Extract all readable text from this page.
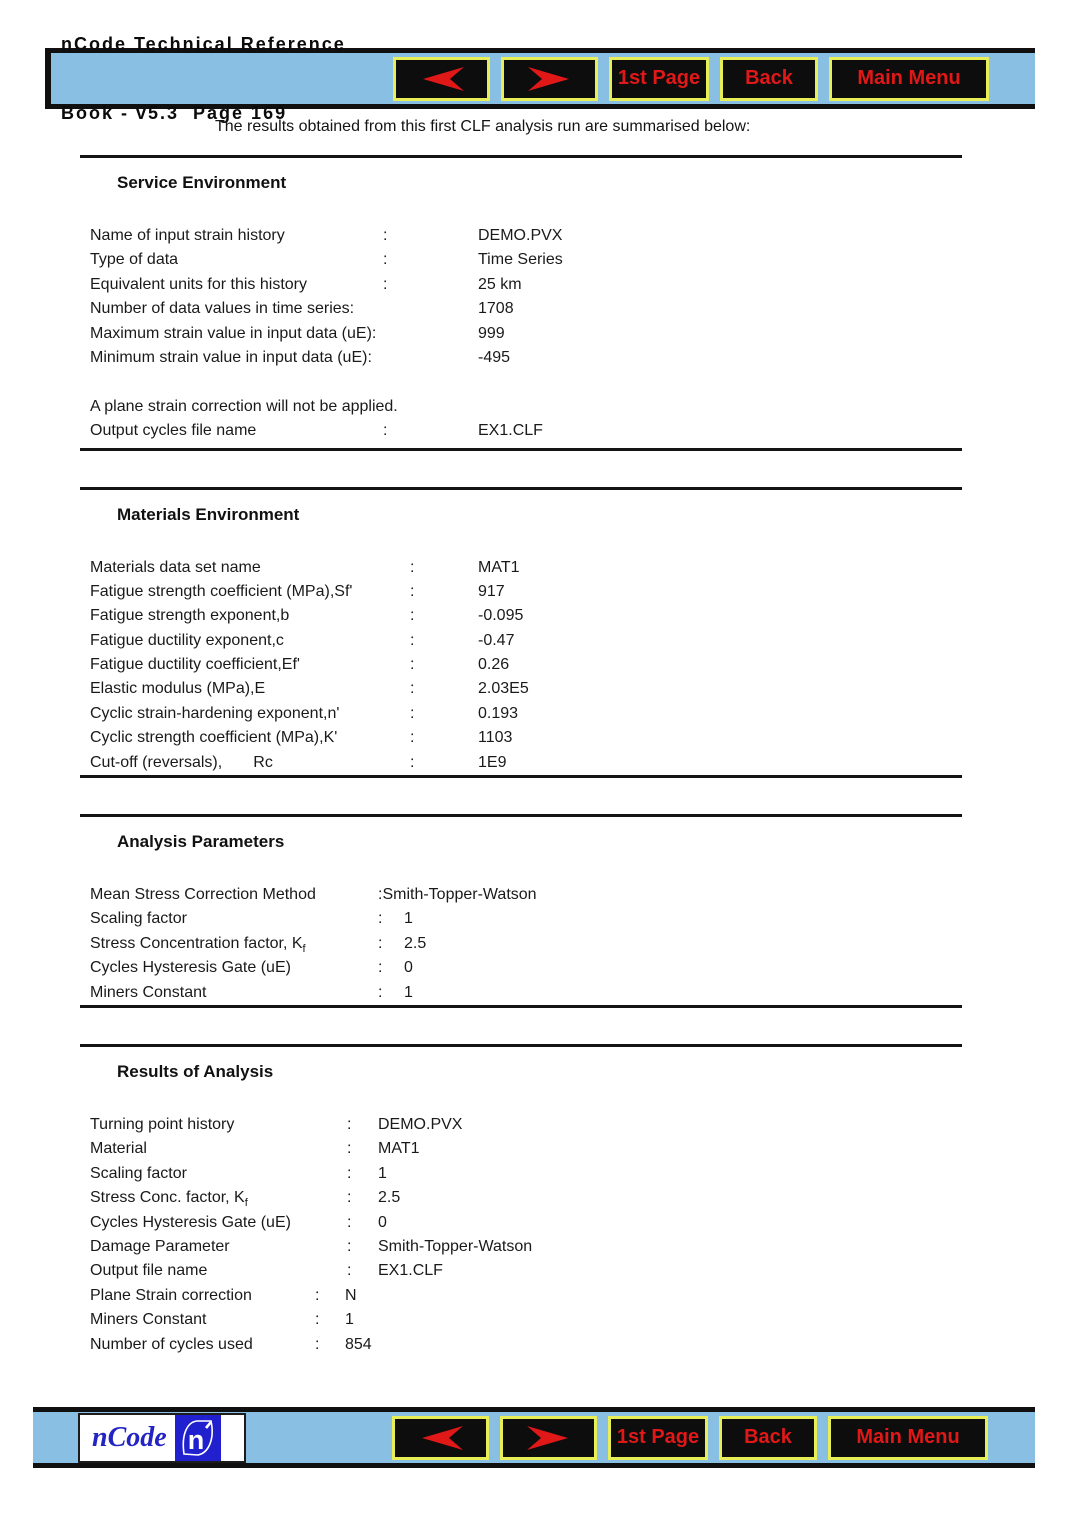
nCode Technical Reference

Book - v5.3  Page 169

1st Page	Back	Main Menu
The results obtained from this first CLF analysis run are summarised below:
Service Environment
Name of input strain history	:	DEMO.PVX
Type of data	:	Time Series
Equivalent units for this history	:	25 km
Number of data values in time series:	1708
Maximum strain value in input data (uE):	999
Minimum strain value in input data (uE):	-495
A plane strain correction will not be applied.
Output cycles file name	:	EX1.CLF
Materials Environment
Materials data set name	:	MAT1
Fatigue strength coefficient (MPa),Sf'	:	917
Fatigue strength exponent,b	:	-0.095
Fatigue ductility exponent,c	:	-0.47
Fatigue ductility coefficient,Ef'	:	0.26
Elastic modulus (MPa),E	:	2.03E5
Cyclic strain-hardening exponent,n'	:	0.193
Cyclic strength coefficient (MPa),K'	:	1103
Cut-off (reversals),       Rc	:	1E9
Analysis Parameters
Mean Stress Correction Method	:Smith-Topper-Watson
Scaling factor	: 1
Stress Concentration factor, $K_f$	: 2.5
Cycles Hysteresis Gate (uE)	: 0
Miners Constant	: 1
Results of Analysis
Turning point history	: DEMO.PVX
Material	: MAT1
Scaling factor	: 1
Stress Conc. factor, $K_f$	: 2.5
Cycles Hysteresis Gate (uE)	: 0
Damage Parameter	: Smith-Topper-Watson
Output file name	: EX1.CLF
Plane Strain correction	: N
Miners Constant	: 1
Number of cycles used	: 854
nCode n	1st Page	Back	Main Menu
